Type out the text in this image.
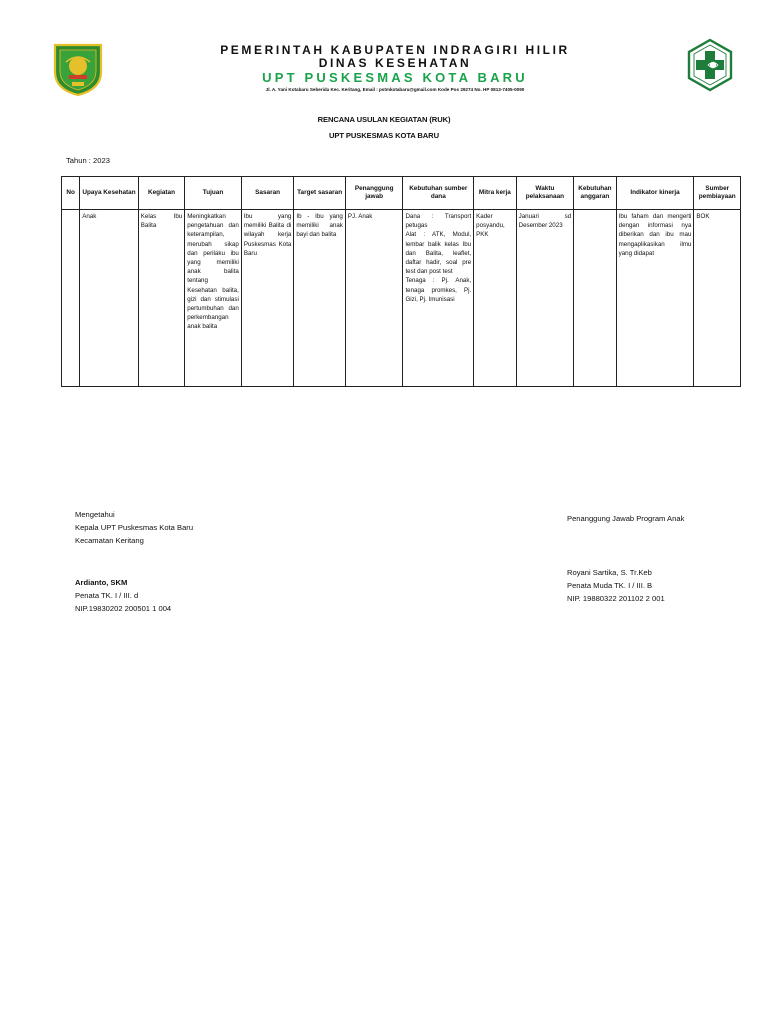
PEMERINTAH KABUPATEN INDRAGIRI HILIR
DINAS KESEHATAN
UPT PUSKESMAS KOTA BARU
Jl. A. Yani Kotabaru Seberida Kec. Keritang, Email : pstmkotabaru@gmail.com Kode Pos 29274 No. HP 0813-7405-0090
RENCANA USULAN KEGIATAN (RUK)
UPT PUSKESMAS KOTA BARU
Tahun : 2023
No	Upaya Kesehatan	Kegiatan	Tujuan	Sasaran	Target sasaran	Penanggung jawab	Kebutuhan sumber dana	Mitra kerja	Waktu pelaksanaan	Kebutuhan anggaran	Indikator kinerja	Sumber pembiayaan
	Anak	Kelas Ibu Balita	Meningkatkan pengetahuan dan keterampilan, merubah sikap dan perilaku ibu yang memiliki anak balita tentang Kesehatan balita, gizi dan stimulasi pertumbuhan dan perkembangan anak balita	Ibu yang memiliki Balita di wilayah kerja Puskesmas Kota Baru	Ib - Ibu yang memiliki anak bayi dan balita	PJ. Anak	Dana : Transport petugas
Alat : ATK, Modul, lembar balik kelas Ibu dan Balita, leaflet, daftar hadir, soal pre test dan post test
Tenaga : Pj. Anak, tenaga promkes, Pj. Gizi, Pj. Imunisasi	Kader posyandu, PKK	Januari sd Desember 2023		Ibu faham dan mengerti dengan informasi nya diberikan dan ibu mau mengaplikasikan ilmu yang didapat	BOK
Mengetahui
Kepala UPT Puskesmas Kota Baru
Kecamatan Keritang
Ardianto, SKM
Penata TK. I / III. d
NIP.19830202 200501 1 004
Penanggung Jawab Program Anak
Royani Sartika, S. Tr.Keb
Penata Muda TK. I / III. B
NIP. 19880322 201102 2 001
